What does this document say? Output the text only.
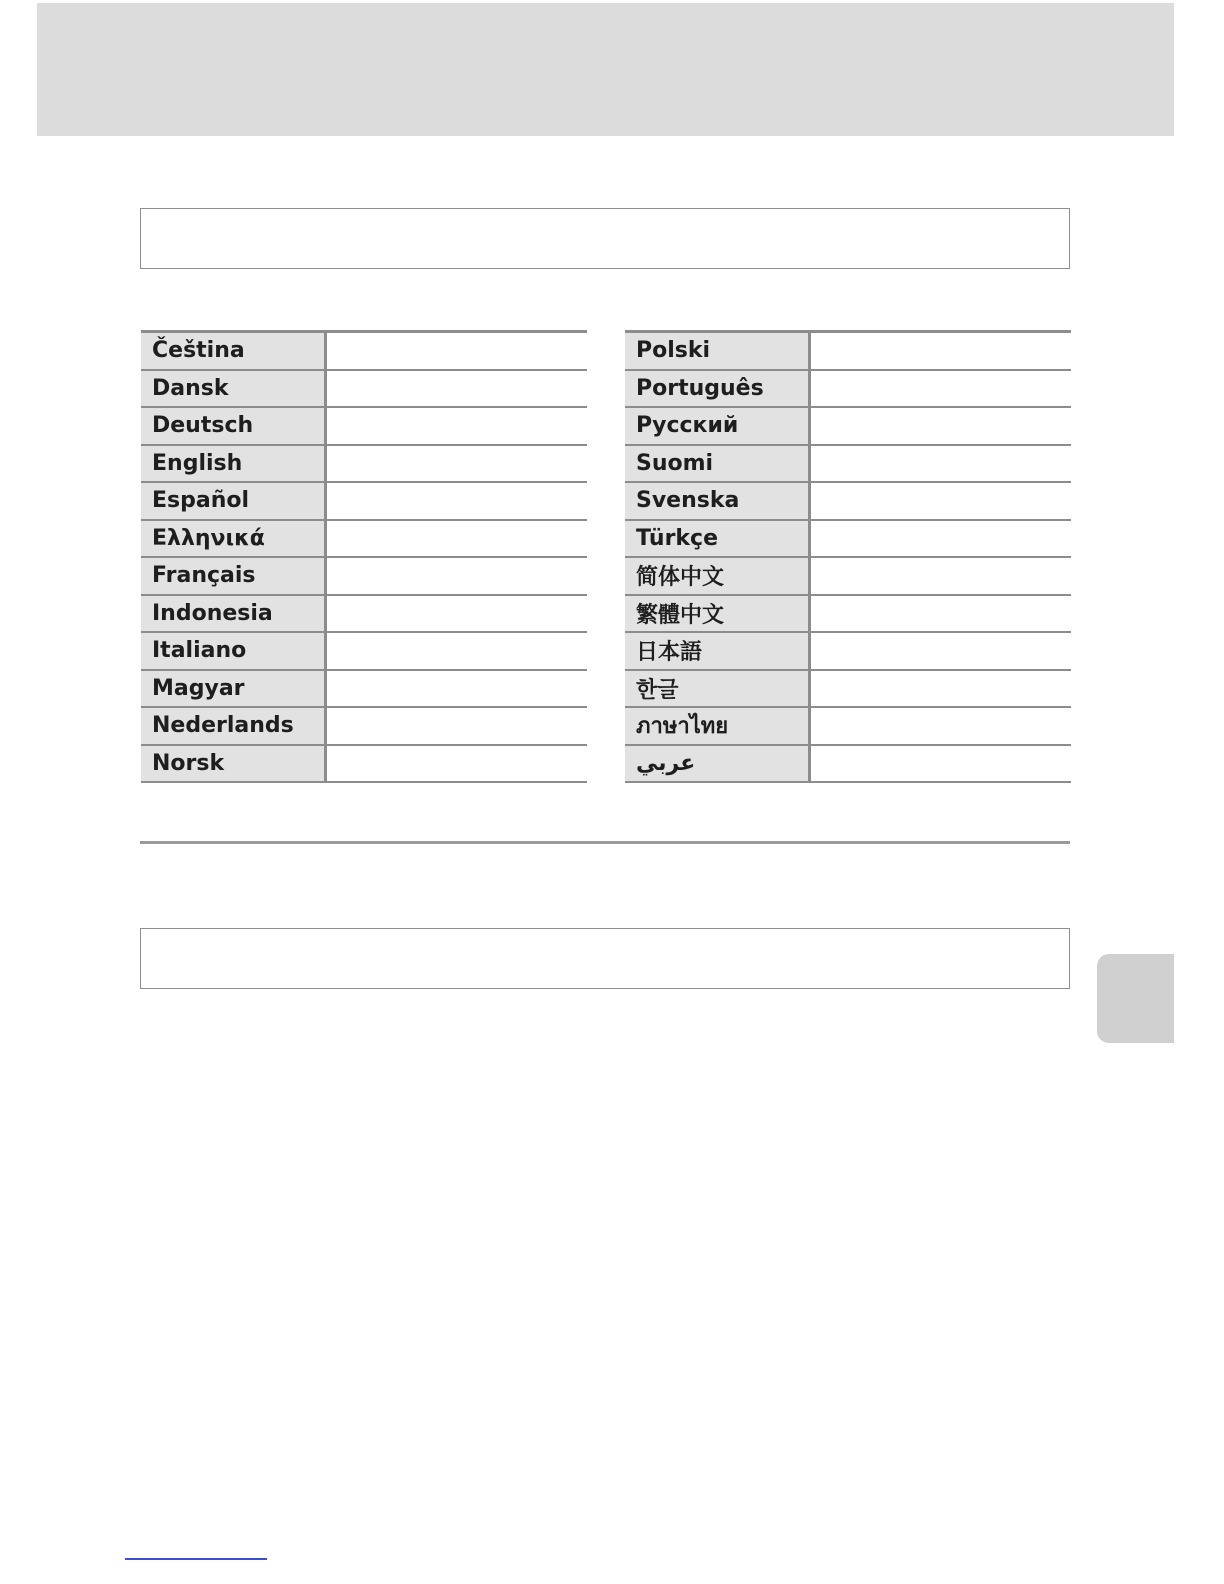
Čeština
Dansk
Deutsch
English
Español
Ελληνικά
Français
Indonesia
Italiano
Magyar
Nederlands
Norsk
Polski
Português
Русский
Suomi
Svenska
Türkçe
简体中文
繁體中文
日本語
한글
ภาษาไทย
عربي
